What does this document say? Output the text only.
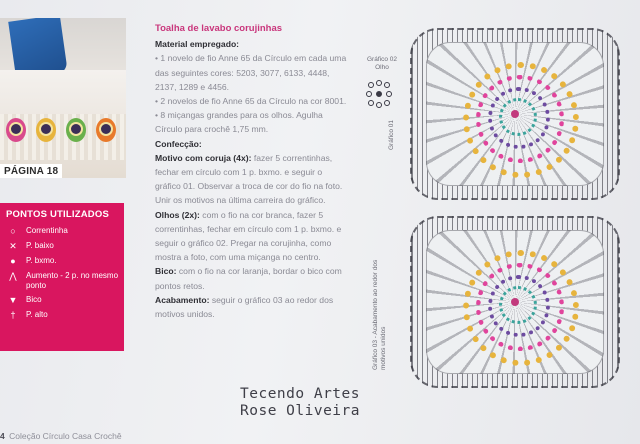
PÁGINA 18
Toalha de lavabo corujinhas
Material empregado:

• 1 novelo de fio Anne 65 da Círculo em cada uma das seguintes cores: 5203, 3077, 6133, 4448, 2137, 1289 e 4456.

• 2 novelos de fio Anne 65 da Círculo na cor 8001.

• 8 miçangas grandes para os olhos. Agulha Círculo para crochê 1,75 mm.

Confecção:

Motivo com coruja (4x): fazer 5 correntinhas, fechar em círculo com 1 p. bxmo. e seguir o gráfico 01. Observar a troca de cor do fio na foto. Unir os motivos na última carreira do gráfico.

Olhos (2x): com o fio na cor branca, fazer 5 correntinhas, fechar em círculo com 1 p. bxmo. e seguir o gráfico 02. Pregar na corujinha, como mostra a foto, com uma miçanga no centro.

Bico: com o fio na cor laranja, bordar o bico com pontos retos.

Acabamento: seguir o gráfico 03 ao redor dos motivos unidos.

PONTOS UTILIZADOS
○	Correntinha
✕	P. baixo
●	P. bxmo.
⋀	Aumento - 2 p. no mesmo ponto
▼	Bico
†	P. alto
Gráfico 02
Olho
Gráfico 01
Gráfico 03 - Acabamento ao redor dos motivos unidos
Tecendo Artes
Rose Oliveira
4 Coleção Círculo Casa Crochê
